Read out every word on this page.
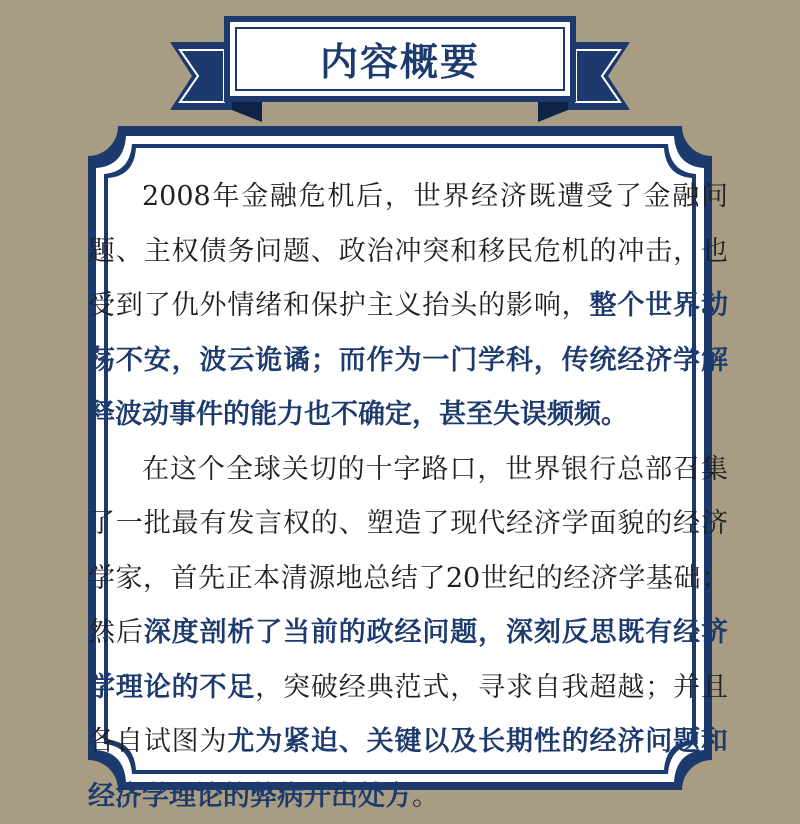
内容概要

2008年金融危机后，世界经济既遭受了金融问题、主权债务问题、政治冲突和移民危机的冲击，也受到了仇外情绪和保护主义抬头的影响，整个世界动荡不安，波云诡谲；而作为一门学科，传统经济学解释波动事件的能力也不确定，甚至失误频频。

在这个全球关切的十字路口，世界银行总部召集了一批最有发言权的、塑造了现代经济学面貌的经济学家，首先正本清源地总结了20世纪的经济学基础；然后深度剖析了当前的政经问题，深刻反思既有经济学理论的不足，突破经典范式，寻求自我超越；并且各自试图为尤为紧迫、关键以及长期性的经济问题和经济学理论的弊病开出处方。
